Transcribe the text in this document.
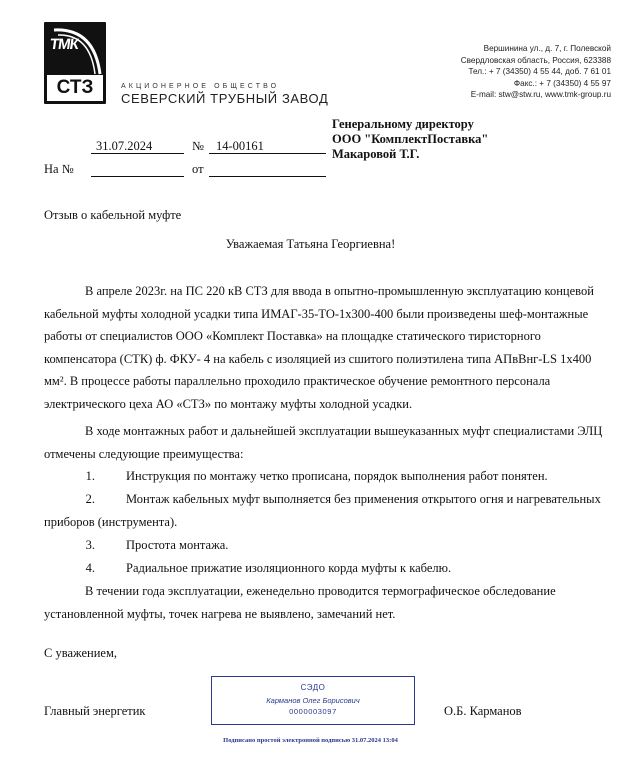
ТМК
СТЗ	АКЦИОНЕРНОЕ ОБЩЕСТВО
СЕВЕРСКИЙ ТРУБНЫЙ ЗАВОД
Вершинина ул., д. 7, г. Полевской
Свердловская область, Россия, 623388
Тел.: + 7 (34350) 4 55 44, доб. 7 61 01
Факс.: + 7 (34350) 4 55 97
E-mail: stw@stw.ru, www.tmk-group.ru
31.07.2024	№ 14-00161
На №	от
Генеральному директору
ООО "КомплектПоставка"
Макаровой Т.Г.
Отзыв о кабельной муфте
Уважаемая Татьяна Георгиевна!
В апреле 2023г. на ПС 220 кВ СТЗ для ввода в опытно-промышленную эксплуатацию концевой кабельной муфты холодной усадки типа ИМАГ-35-ТО-1х300-400 были произведены шеф-монтажные работы от специалистов ООО «Комплект Поставка» на площадке статического тиристорного компенсатора (СТК) ф. ФКУ- 4 на кабель с изоляцией из сшитого полиэтилена типа АПвВнг-LS 1х400 мм². В процессе работы параллельно проходило практическое обучение ремонтного персонала электрического цеха АО «СТЗ» по монтажу муфты холодной усадки.
В ходе монтажных работ и дальнейшей эксплуатации вышеуказанных муфт специалистами ЭЛЦ отмечены следующие преимущества:
1. Инструкция по монтажу четко прописана, порядок выполнения работ понятен.
2. Монтаж кабельных муфт выполняется без применения открытого огня и нагревательных приборов (инструмента).
3. Простота монтажа.
4. Радиальное прижатие изоляционного корда муфты к кабелю.
В течении года эксплуатации, еженедельно проводится термографическое обследование установленной муфты, точек нагрева не выявлено, замечаний нет.
С уважением,
Главный энергетик	О.Б. Карманов
СЭДО
Карманов Олег Борисович
0000003097
Подписано простой электронной подписью 31.07.2024 13:04
